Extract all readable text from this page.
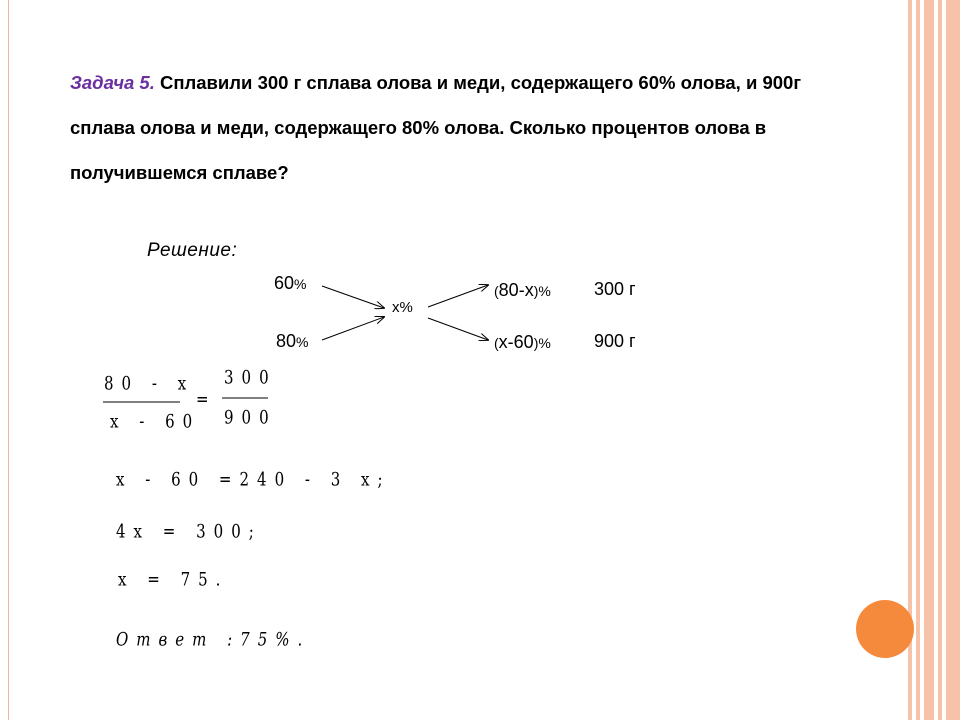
Задача 5. Сплавили 300 г сплава олова и меди, содержащего 60% олова, и 900г сплава олова и меди, содержащего 80% олова. Сколько процентов олова в получившемся сплаве?
Решение:
60%
80%
x%
(80-x)%
(x-60)%
300 г
900 г
80 - x
x - 60
=
300
900
x - 60 =240 - 3 x;
4x = 300;
x = 75.
Ответ :75%.
